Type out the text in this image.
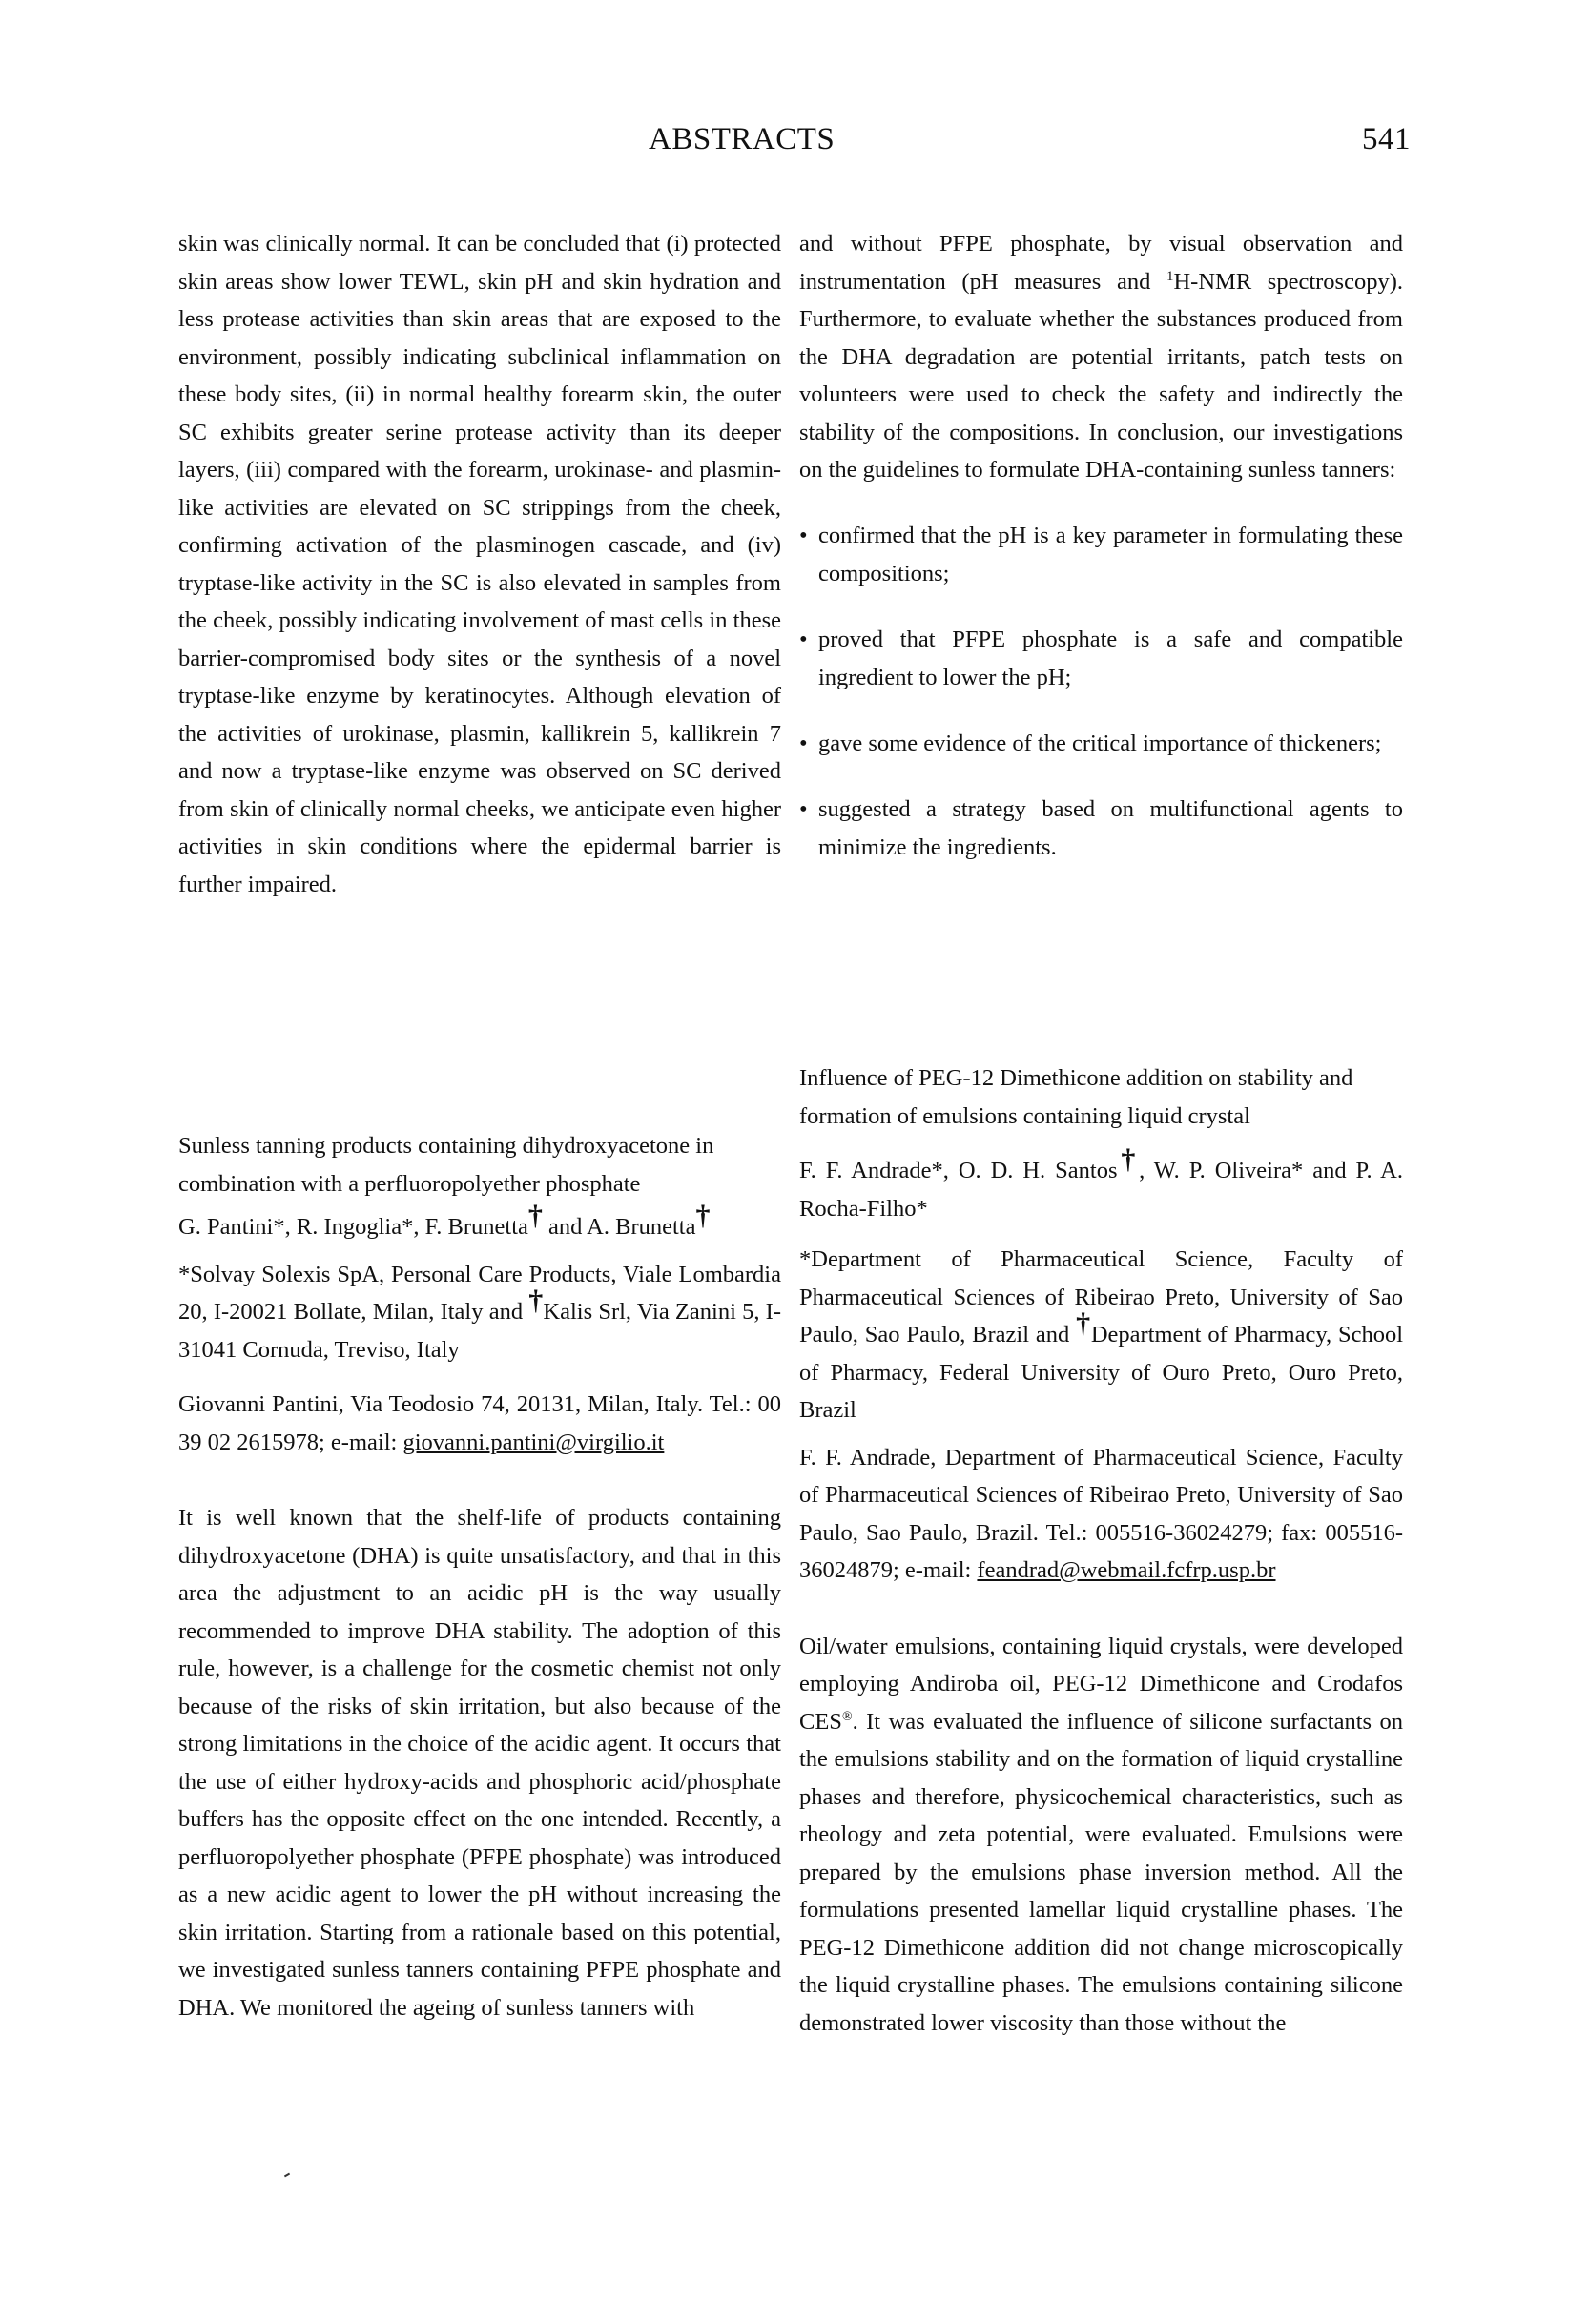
ABSTRACTS	541

skin was clinically normal. It can be concluded that (i) protected skin areas show lower TEWL, skin pH and skin hydration and less protease activities than skin areas that are exposed to the environment, possibly indicating subclinical inflammation on these body sites, (ii) in normal healthy forearm skin, the outer SC exhibits greater serine protease activity than its deeper layers, (iii) compared with the forearm, urokinase- and plasmin-like activities are elevated on SC strippings from the cheek, confirming activation of the plasminogen cascade, and (iv) tryptase-like activity in the SC is also elevated in samples from the cheek, possibly indicating involvement of mast cells in these barrier-compromised body sites or the synthesis of a novel tryptase-like enzyme by keratinocytes. Although elevation of the activities of urokinase, plasmin, kallikrein 5, kallikrein 7 and now a tryptase-like enzyme was observed on SC derived from skin of clinically normal cheeks, we anticipate even higher activities in skin conditions where the epidermal barrier is further impaired.

and without PFPE phosphate, by visual observation and instrumentation (pH measures and $^1$H-NMR spectroscopy). Furthermore, to evaluate whether the substances produced from the DHA degradation are potential irritants, patch tests on volunteers were used to check the safety and indirectly the stability of the compositions. In conclusion, our investigations on the guidelines to formulate DHA-containing sunless tanners:

• confirmed that the pH is a key parameter in formulating these compositions;
• proved that PFPE phosphate is a safe and compatible ingredient to lower the pH;
• gave some evidence of the critical importance of thickeners;
• suggested a strategy based on multifunctional agents to minimize the ingredients.
Sunless tanning products containing dihydroxyacetone in combination with a perfluoropolyether phosphate
G. Pantini*, R. Ingoglia*, F. Brunetta† and A. Brunetta†
*Solvay Solexis SpA, Personal Care Products, Viale Lombardia 20, I-20021 Bollate, Milan, Italy and †Kalis Srl, Via Zanini 5, I-31041 Cornuda, Treviso, Italy
Giovanni Pantini, Via Teodosio 74, 20131, Milan, Italy. Tel.: 00 39 02 2615978; e-mail: giovanni.pantini@virgilio.it
It is well known that the shelf-life of products containing dihydroxyacetone (DHA) is quite unsatisfactory, and that in this area the adjustment to an acidic pH is the way usually recommended to improve DHA stability. The adoption of this rule, however, is a challenge for the cosmetic chemist not only because of the risks of skin irritation, but also because of the strong limitations in the choice of the acidic agent. It occurs that the use of either hydroxy-acids and phosphoric acid/phosphate buffers has the opposite effect on the one intended. Recently, a perfluoropolyether phosphate (PFPE phosphate) was introduced as a new acidic agent to lower the pH without increasing the skin irritation. Starting from a rationale based on this potential, we investigated sunless tanners containing PFPE phosphate and DHA. We monitored the ageing of sunless tanners with
Influence of PEG-12 Dimethicone addition on stability and formation of emulsions containing liquid crystal
F. F. Andrade*, O. D. H. Santos†, W. P. Oliveira* and P. A. Rocha-Filho*
*Department of Pharmaceutical Science, Faculty of Pharmaceutical Sciences of Ribeirao Preto, University of Sao Paulo, Sao Paulo, Brazil and †Department of Pharmacy, School of Pharmacy, Federal University of Ouro Preto, Ouro Preto, Brazil
F. F. Andrade, Department of Pharmaceutical Science, Faculty of Pharmaceutical Sciences of Ribeirao Preto, University of Sao Paulo, Sao Paulo, Brazil. Tel.: 005516-36024279; fax: 005516-36024879; e-mail: feandrad@webmail.fcfrp.usp.br
Oil/water emulsions, containing liquid crystals, were developed employing Andiroba oil, PEG-12 Dimethicone and Crodafos CES®. It was evaluated the influence of silicone surfactants on the emulsions stability and on the formation of liquid crystalline phases and therefore, physicochemical characteristics, such as rheology and zeta potential, were evaluated. Emulsions were prepared by the emulsions phase inversion method. All the formulations presented lamellar liquid crystalline phases. The PEG-12 Dimethicone addition did not change microscopically the liquid crystalline phases. The emulsions containing silicone demonstrated lower viscosity than those without the
